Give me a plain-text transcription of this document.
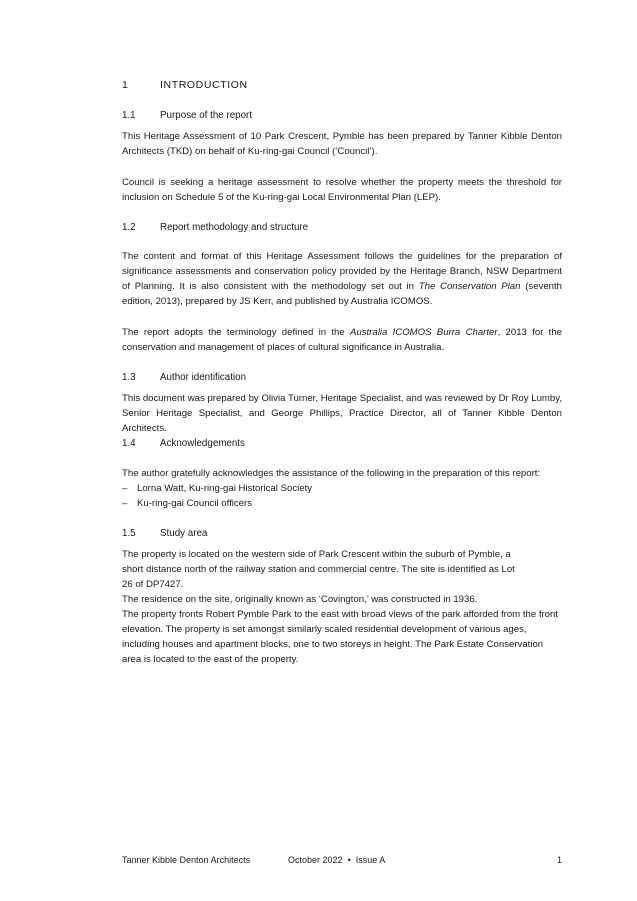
1	INTRODUCTION
1.1	Purpose of the report

This Heritage Assessment of 10 Park Crescent, Pymble has been prepared by Tanner Kibble Denton Architects (TKD) on behalf of Ku-ring-gai Council (‘Council’).

Council is seeking a heritage assessment to resolve whether the property meets the threshold for inclusion on Schedule 5 of the Ku-ring-gai Local Environmental Plan (LEP).

1.2	Report methodology and structure

The content and format of this Heritage Assessment follows the guidelines for the preparation of significance assessments and conservation policy provided by the Heritage Branch, NSW Department of Planning. It is also consistent with the methodology set out in The Conservation Plan (seventh edition, 2013), prepared by JS Kerr, and published by Australia ICOMOS.

The report adopts the terminology defined in the Australia ICOMOS Burra Charter, 2013 for the conservation and management of places of cultural significance in Australia.

1.3	Author identification

This document was prepared by Olivia Turner, Heritage Specialist, and was reviewed by Dr Roy Lumby, Senior Heritage Specialist, and George Phillips, Practice Director, all of Tanner Kibble Denton Architects.

1.4	Acknowledgements

The author gratefully acknowledges the assistance of the following in the preparation of this report:

–	Lorna Watt, Ku-ring-gai Historical Society
–	Ku-ring-gai Council officers
1.5	Study area

The property is located on the western side of Park Crescent within the suburb of Pymble, a short distance north of the railway station and commercial centre. The site is identified as Lot 26 of DP7427.
The residence on the site, originally known as ‘Covington,’ was constructed in 1936.

The property fronts Robert Pymble Park to the east with broad views of the park afforded from the front elevation. The property is set amongst similarly scaled residential development of various ages, including houses and apartment blocks, one to two storeys in height. The Park Estate Conservation area is located to the east of the property.

Tanner Kibble Denton Architects	October 2022 • Issue A	1
